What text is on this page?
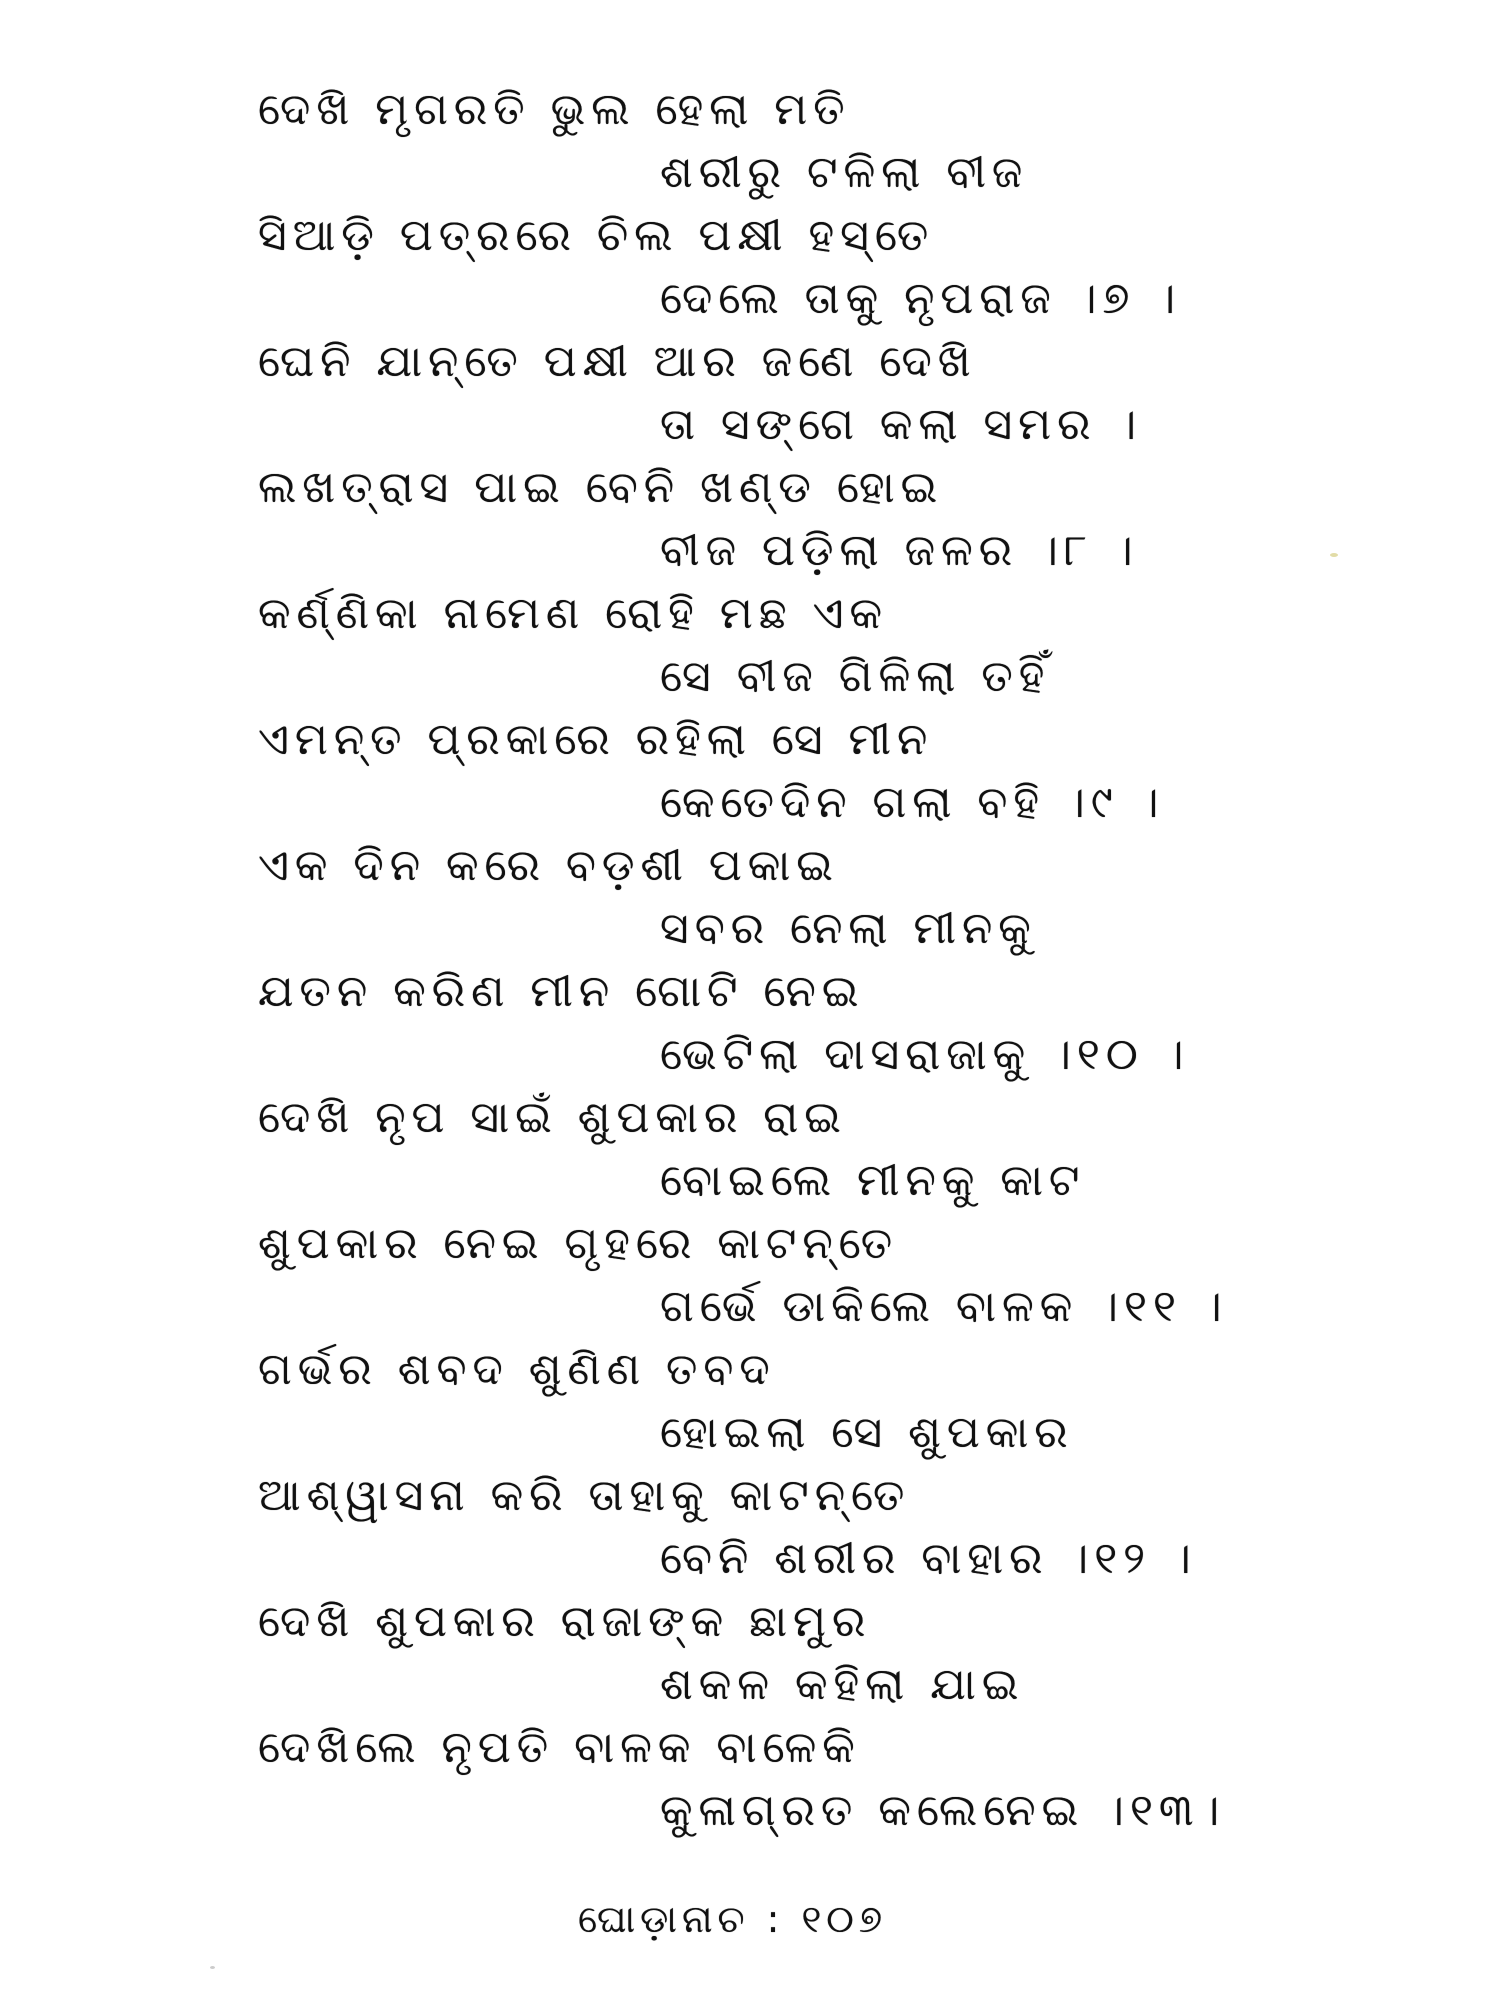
ଦେଖି ମୃଗରତି ଭୁଲ ହେଲା ମତି
ଶରୀରୁ ଟଳିଲା ବୀଜ
ସିଆଡ଼ି ପତ୍ରରେ ଚିଲ ପକ୍ଷୀ ହସ୍ତେ
ଦେଲେ ତାକୁ ନୃପରାଜ ।୭ ।
ଘେନି ଯାନ୍ତେ ପକ୍ଷୀ ଆର ଜଣେ ଦେଖି
ତା ସଙ୍ଗେ କଲା ସମର ।
ଲଖତ୍ରାସ ପାଇ ବେନି ଖଣ୍ଡ ହୋଇ
ବୀଜ ପଡ଼ିଲା ଜଳର ।୮ ।
କର୍ଣ୍ଣିକା ନାମେଣ ରୋହି ମଛ ଏକ
ସେ ବୀଜ ଗିଳିଲା ତହିଁ
ଏମନ୍ତ ପ୍ରକାରେ ରହିଲା ସେ ମୀନ
କେତେଦିନ ଗଲା ବହି ।୯ ।
ଏକ ଦିନ କରେ ବଡ଼ଶୀ ପକାଇ
ସବର ନେଲା ମୀନକୁ
ଯତନ କରିଣ ମୀନ ଗୋଟି ନେଇ
ଭେଟିଲା ଦାସରାଜାକୁ ।୧୦ ।
ଦେଖି ନୃପ ସାଇଁ ଶୁପକାର ରାଇ
ବୋଇଲେ ମୀନକୁ କାଟ
ଶୁପକାର ନେଇ ଗୃହରେ କାଟନ୍ତେ
ଗର୍ଭେ ଡାକିଲେ ବାଳକ ।୧୧ ।
ଗର୍ଭର ଶବଦ ଶୁଣିଣ ତବଦ
ହୋଇଲା ସେ ଶୁପକାର
ଆଶ୍ୱାସନା କରି ତାହାକୁ କାଟନ୍ତେ
ବେନି ଶରୀର ବାହାର ।୧୨ ।
ଦେଖି ଶୁପକାର ରାଜାଙ୍କ ଛାମୁର
ଶକଳ କହିଲା ଯାଇ
ଦେଖିଲେ ନୃପତି ବାଳକ ବାଳେକି
କୁଳାଗ୍ରତ କଲେନେଇ ।୧୩।
ଘୋଡ଼ାନାଚ : ୧୦୭
